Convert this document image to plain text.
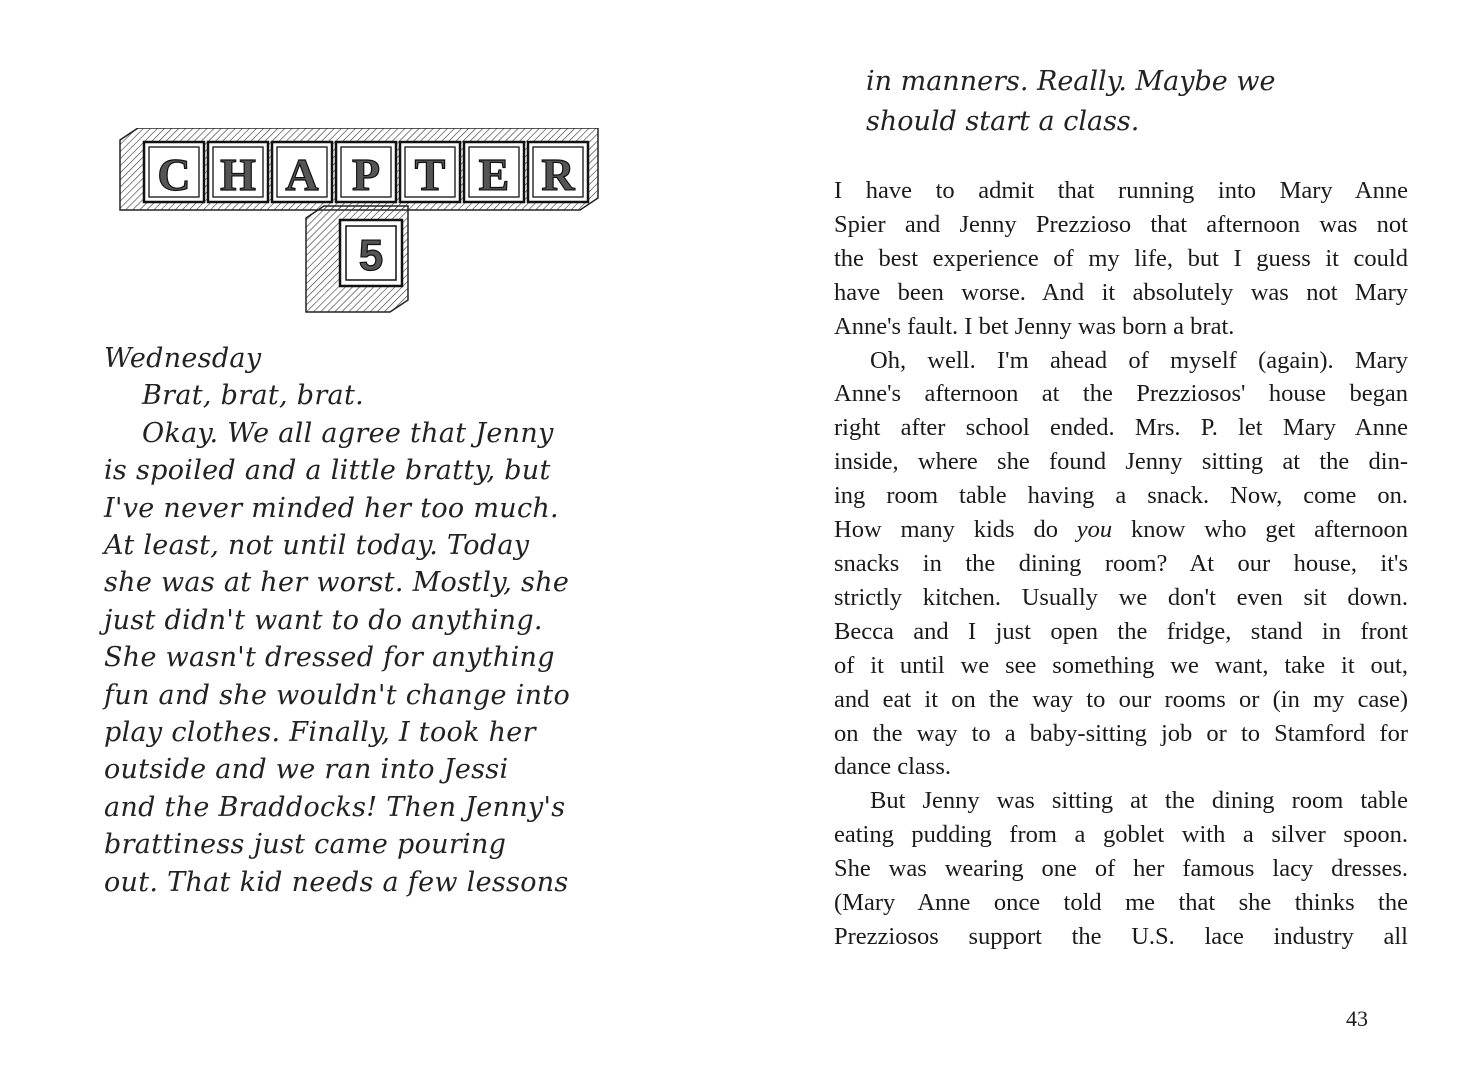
C H A P T E R
5
Wednesday
Brat, brat, brat.
Okay. We all agree that Jenny
is spoiled and a little bratty, but
I've never minded her too much.
At least, not until today. Today
she was at her worst. Mostly, she
just didn't want to do anything.
She wasn't dressed for anything
fun and she wouldn't change into
play clothes. Finally, I took her
outside and we ran into Jessi
and the Braddocks! Then Jenny's
brattiness just came pouring
out. That kid needs a few lessons
in manners. Really. Maybe we
should start a class.
I have to admit that running into Mary Anne
Spier and Jenny Prezzioso that afternoon was not
the best experience of my life, but I guess it could
have been worse. And it absolutely was not Mary
Anne's fault. I bet Jenny was born a brat.
Oh, well. I'm ahead of myself (again). Mary
Anne's afternoon at the Prezziosos' house began
right after school ended. Mrs. P. let Mary Anne
inside, where she found Jenny sitting at the din-
ing room table having a snack. Now, come on.
How many kids do you know who get afternoon
snacks in the dining room? At our house, it's
strictly kitchen. Usually we don't even sit down.
Becca and I just open the fridge, stand in front
of it until we see something we want, take it out,
and eat it on the way to our rooms or (in my case)
on the way to a baby-sitting job or to Stamford for
dance class.
But Jenny was sitting at the dining room table
eating pudding from a goblet with a silver spoon.
She was wearing one of her famous lacy dresses.
(Mary Anne once told me that she thinks the
Prezziosos support the U.S. lace industry all
43
